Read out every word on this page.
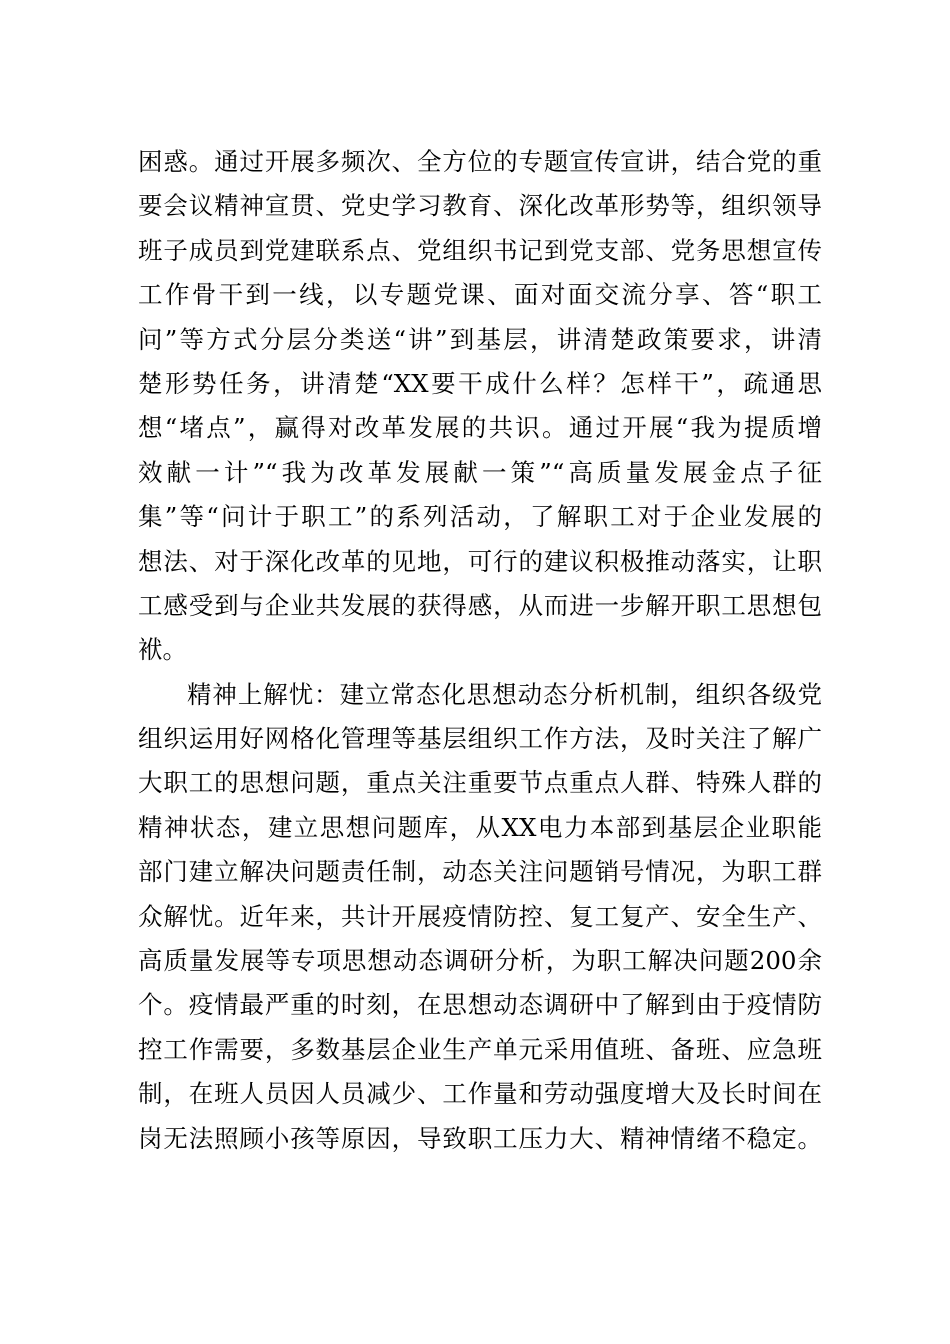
困惑。通过开展多频次、全方位的专题宣传宣讲，结合党的重
要会议精神宣贯、党史学习教育、深化改革形势等，组织领导
班子成员到党建联系点、党组织书记到党支部、党务思想宣传
工作骨干到一线，以专题党课、面对面交流分享、答“职工
问”等方式分层分类送“讲”到基层，讲清楚政策要求，讲清
楚形势任务，讲清楚“XX要干成什么样？怎样干”，疏通思
想“堵点”，赢得对改革发展的共识。通过开展“我为提质增
效献一计”“我为改革发展献一策”“高质量发展金点子征
集”等“问计于职工”的系列活动，了解职工对于企业发展的
想法、对于深化改革的见地，可行的建议积极推动落实，让职
工感受到与企业共发展的获得感，从而进一步解开职工思想包
袱。
精神上解忧：建立常态化思想动态分析机制，组织各级党
组织运用好网格化管理等基层组织工作方法，及时关注了解广
大职工的思想问题，重点关注重要节点重点人群、特殊人群的
精神状态，建立思想问题库，从XX电力本部到基层企业职能
部门建立解决问题责任制，动态关注问题销号情况，为职工群
众解忧。近年来，共计开展疫情防控、复工复产、安全生产、
高质量发展等专项思想动态调研分析，为职工解决问题200余
个。疫情最严重的时刻，在思想动态调研中了解到由于疫情防
控工作需要，多数基层企业生产单元采用值班、备班、应急班
制，在班人员因人员减少、工作量和劳动强度增大及长时间在
岗无法照顾小孩等原因，导致职工压力大、精神情绪不稳定。
